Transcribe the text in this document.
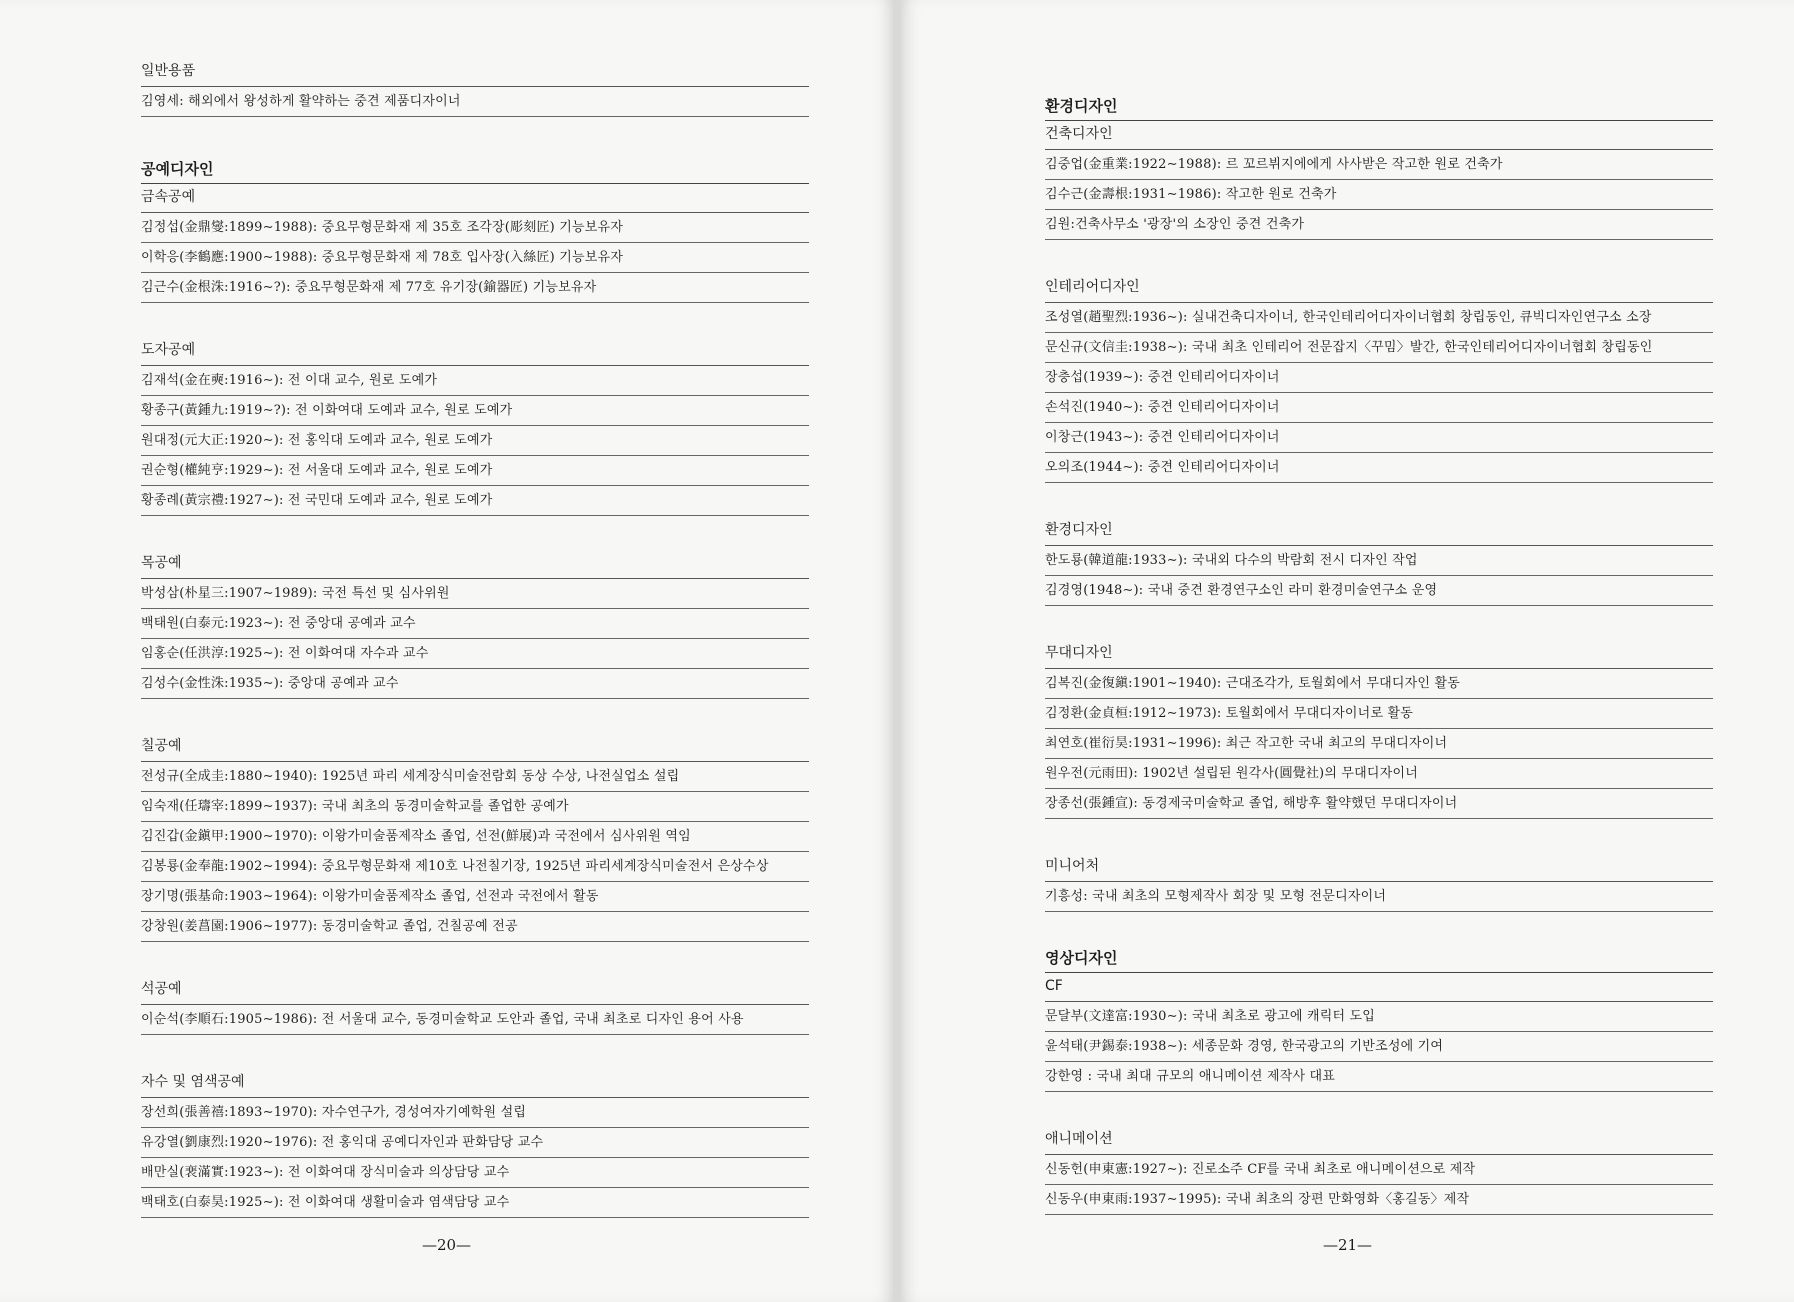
일반용품
김영세: 해외에서 왕성하게 활약하는 중견 제품디자이너
공예디자인
금속공예
김정섭(金鼎燮:1899∼1988): 중요무형문화재 제 35호 조각장(彫刻匠) 기능보유자
이학응(李鶴應:1900∼1988): 중요무형문화재 제 78호 입사장(入絲匠) 기능보유자
김근수(金根洙:1916∼?): 중요무형문화재 제 77호 유기장(鍮器匠) 기능보유자
도자공예
김재석(金在奭:1916∼): 전 이대 교수, 원로 도예가
황종구(黃鍾九:1919∼?): 전 이화여대 도예과 교수, 원로 도예가
원대정(元大正:1920∼): 전 홍익대 도예과 교수, 원로 도예가
권순형(權純亨:1929∼): 전 서울대 도예과 교수, 원로 도예가
황종례(黃宗禮:1927∼): 전 국민대 도예과 교수, 원로 도예가
목공예
박성삼(朴星三:1907∼1989): 국전 특선 및 심사위원
백태원(白泰元:1923∼): 전 중앙대 공예과 교수
임홍순(任洪淳:1925∼): 전 이화여대 자수과 교수
김성수(金性洙:1935∼): 중앙대 공예과 교수
칠공예
전성규(全成圭:1880∼1940): 1925년 파리 세계장식미술전람회 동상 수상, 나전실업소 설립
임숙재(任璹宰:1899∼1937): 국내 최초의 동경미술학교를 졸업한 공예가
김진갑(金鎭甲:1900∼1970): 이왕가미술품제작소 졸업, 선전(鮮展)과 국전에서 심사위원 역임
김봉룡(金奉龍:1902∼1994): 중요무형문화재 제10호 나전칠기장, 1925년 파리세계장식미술전서 은상수상
장기명(張基命:1903∼1964): 이왕가미술품제작소 졸업, 선전과 국전에서 활동
강창원(姜菖園:1906∼1977): 동경미술학교 졸업, 건칠공예 전공
석공예
이순석(李順石:1905∼1986): 전 서울대 교수, 동경미술학교 도안과 졸업, 국내 최초로 디자인 용어 사용
자수 및 염색공예
장선희(張善禧:1893∼1970): 자수연구가, 경성여자기예학원 설립
유강열(劉康烈:1920∼1976): 전 홍익대 공예디자인과 판화담당 교수
배만실(裵滿實:1923∼): 전 이화여대 장식미술과 의상담당 교수
백태호(白泰昊:1925∼): 전 이화여대 생활미술과 염색담당 교수
—20—
환경디자인
건축디자인
김중업(金重業:1922∼1988): 르 꼬르뷔지에에게 사사받은 작고한 원로 건축가
김수근(金壽根:1931∼1986): 작고한 원로 건축가
김원:건축사무소 '광장'의 소장인 중견 건축가
인테리어디자인
조성열(趙聖烈:1936∼): 실내건축디자이너, 한국인테리어디자이너협회 창립동인, 큐빅디자인연구소 소장
문신규(文信圭:1938∼): 국내 최초 인테리어 전문잡지〈꾸밈〉발간, 한국인테리어디자이너협회 창립동인
장충섭(1939∼): 중견 인테리어디자이너
손석진(1940∼): 중견 인테리어디자이너
이창근(1943∼): 중견 인테리어디자이너
오의조(1944∼): 중견 인테리어디자이너
환경디자인
한도룡(韓道龍:1933∼): 국내외 다수의 박람회 전시 디자인 작업
김경영(1948∼): 국내 중견 환경연구소인 라미 환경미술연구소 운영
무대디자인
김복진(金復鎭:1901∼1940): 근대조각가, 토월회에서 무대디자인 활동
김정환(金貞桓:1912∼1973): 토월회에서 무대디자이너로 활동
최연호(崔衍昊:1931∼1996): 최근 작고한 국내 최고의 무대디자이너
원우전(元雨田): 1902년 설립된 원각사(圓覺社)의 무대디자이너
장종선(張鍾宣): 동경제국미술학교 졸업, 해방후 활약했던 무대디자이너
미니어처
기흥성: 국내 최초의 모형제작사 회장 및 모형 전문디자이너
영상디자인
CF
문달부(文達富:1930∼): 국내 최초로 광고에 캐릭터 도입
윤석태(尹錫泰:1938∼): 세종문화 경영, 한국광고의 기반조성에 기여
강한영 : 국내 최대 규모의 애니메이션 제작사 대표
애니메이션
신동헌(申東憲:1927∼): 진로소주 CF를 국내 최초로 애니메이션으로 제작
신동우(申東雨:1937∼1995): 국내 최초의 장편 만화영화〈홍길동〉제작
—21—
